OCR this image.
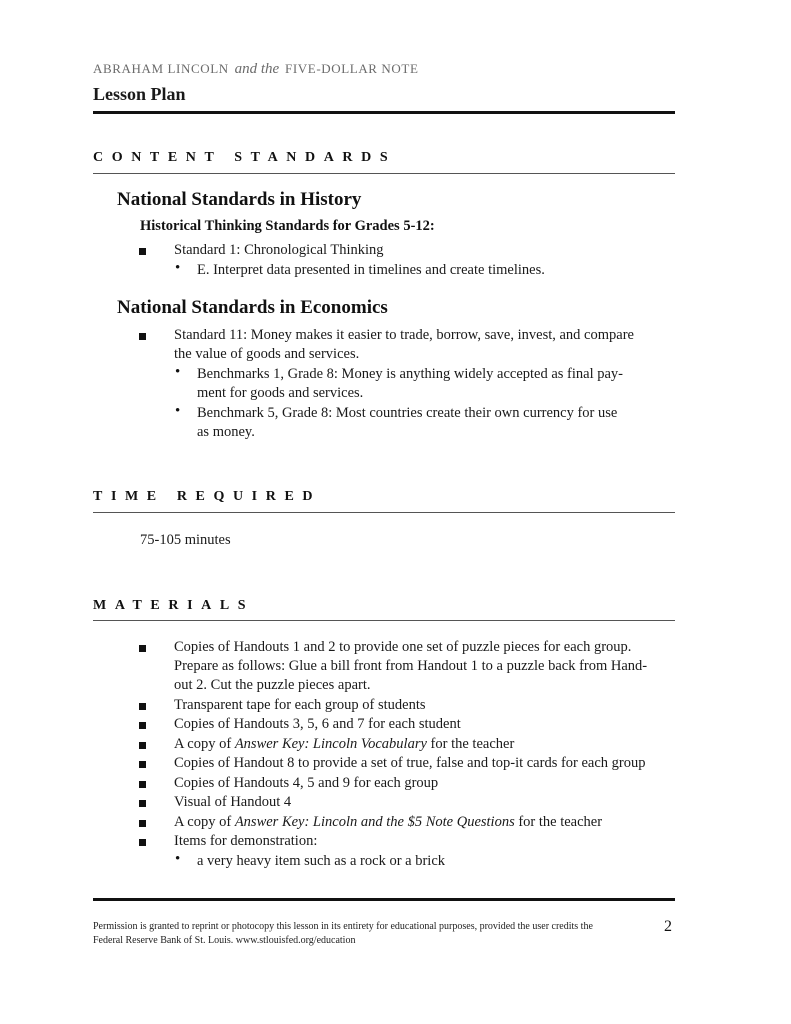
ABRAHAM LINCOLN and the FIVE-DOLLAR NOTE
Lesson Plan
CONTENT STANDARDS
National Standards in History
Historical Thinking Standards for Grades 5-12:
Standard 1: Chronological Thinking
• E. Interpret data presented in timelines and create timelines.
National Standards in Economics
Standard 11: Money makes it easier to trade, borrow, save, invest, and compare
the value of goods and services.
• Benchmarks 1, Grade 8: Money is anything widely accepted as final pay-
ment for goods and services.
• Benchmark 5, Grade 8: Most countries create their own currency for use
as money.
TIME REQUIRED
75-105 minutes
MATERIALS
Copies of Handouts 1 and 2 to provide one set of puzzle pieces for each group.
Prepare as follows: Glue a bill front from Handout 1 to a puzzle back from Hand-
out 2. Cut the puzzle pieces apart.
Transparent tape for each group of students
Copies of Handouts 3, 5, 6 and 7 for each student
A copy of Answer Key: Lincoln Vocabulary for the teacher
Copies of Handout 8 to provide a set of true, false and top-it cards for each group
Copies of Handouts 4, 5 and 9 for each group
Visual of Handout 4
A copy of Answer Key: Lincoln and the $5 Note Questions for the teacher
Items for demonstration:
• a very heavy item such as a rock or a brick
Permission is granted to reprint or photocopy this lesson in its entirety for educational purposes, provided the user credits the
Federal Reserve Bank of St. Louis. www.stlouisfed.org/education
2
